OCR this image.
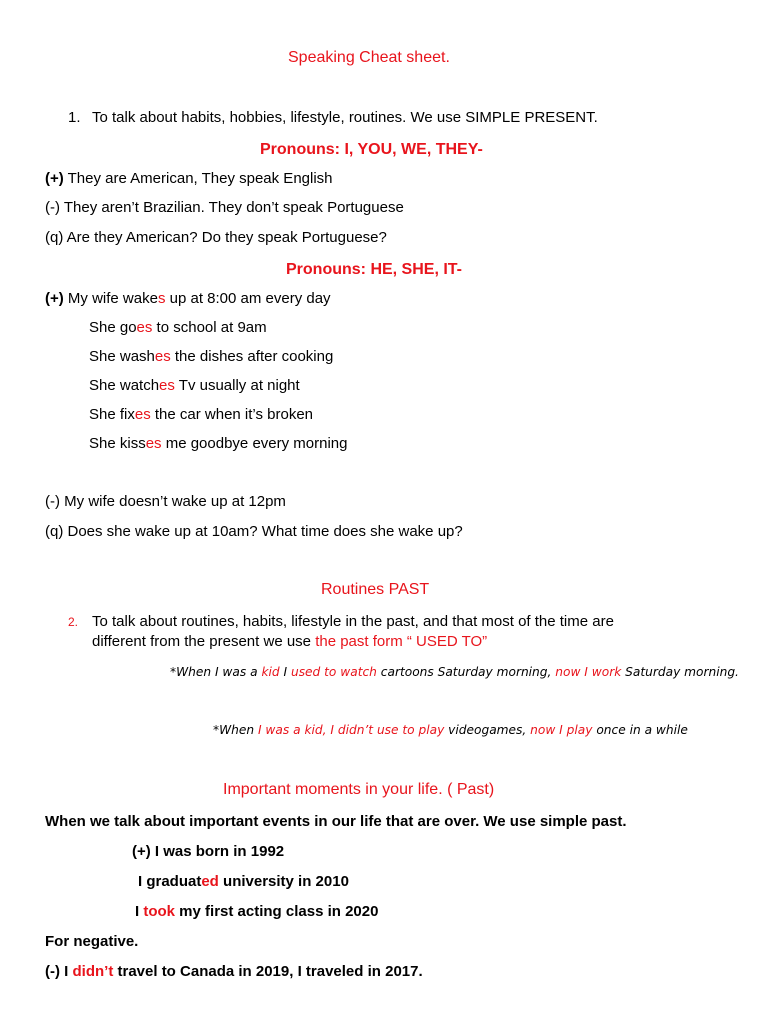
Speaking Cheat sheet.
1. To talk about habits, hobbies, lifestyle, routines. We use SIMPLE PRESENT.
Pronouns: I, YOU, WE, THEY-
(+) They are American, They speak English
(-) They aren’t Brazilian. They don’t speak Portuguese
(q) Are they American? Do they speak Portuguese?
Pronouns: HE, SHE, IT-
(+) My wife wakes up at 8:00 am every day
She goes to school at 9am
She washes the dishes after cooking
She watches Tv usually at night
She fixes the car when it’s broken
She kisses me goodbye every morning
(-) My wife doesn’t wake up at 12pm
(q) Does she wake up at 10am? What time does she wake up?
Routines PAST
2. To talk about routines, habits, lifestyle in the past, and that most of the time are
different from the present we use the past form “ USED TO”
*When I was a kid I used to watch cartoons Saturday morning, now I work Saturday morning.
*When I was a kid, I didn’t use to play videogames, now I play once in a while
Important moments in your life. ( Past)
When we talk about important events in our life that are over. We use simple past.
(+) I was born in 1992
I graduated university in 2010
I took my first acting class in 2020
For negative.
(-) I didn’t travel to Canada in 2019, I traveled in 2017.
